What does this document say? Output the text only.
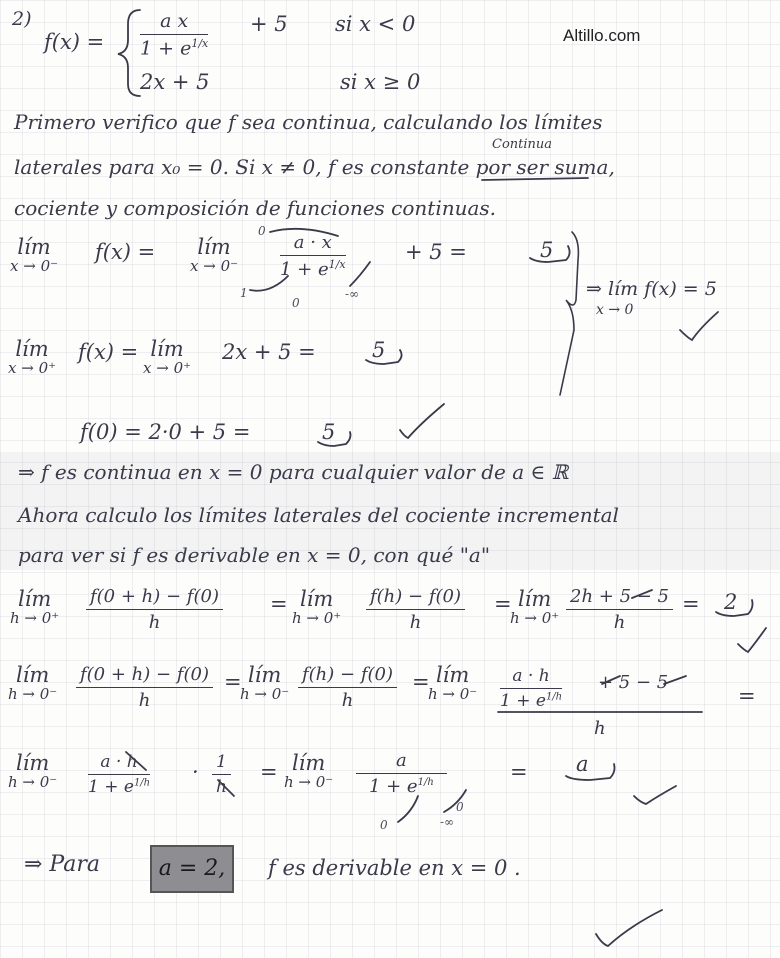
Altillo.com
2)
$f(x) = \frac{\text{a x}}{1 + e^{1/x}} + 5$ si x < 0
2x + 5	si x ≥ 0
Primero verifico que f sea continua, calculando los límites
laterales para x₀ = 0. Si x ≠ 0, f es constante por ser suma,
Continua
cociente y composición de funciones continuas.
lím
x → 0⁻
f(x) =	lím
$x \to 0^- \frac{a \cdot x}{1 + e^{1/x}}$	+ 5 =	5
0
1
0
-∞	⇒ lím f(x) = 5
x → 0
lím
x → 0⁺
f(x) = lím
x → 0⁺
2x + 5 =	5
f(0) = 2·0 + 5 =	5
⇒ f es continua en x = 0 para cualquier valor de a ∈ ℝ
Ahora calculo los límites laterales del cociente incremental
para ver si f es derivable en x = 0, con qué "a"
lím
$h \to 0^+ \frac{f(0 + h) - f(0)}{h}$ = lím
$h \to 0^+ \frac{f(h) - f(0)}{h}$ = lím
$h \to 0^+ \frac{2h + 5 - 5}{h} = 2$
lím
$h \to 0^- \frac{f(0 + h) - f(0)}{h}$ = lím
$h \to 0^- \frac{f(h) - f(0)}{h}$ = lím
$h \to 0^- \frac{a \cdot h}{1 + e^{1/h}} + 5 - 5$
h
=
lím
$h \to 0^- \frac{a \cdot h}{1 + e^{1/h}} \cdot \frac{1}{h}$ = lím
$h \to 0^- \frac{a}{1 + e^{1/h}}$	= a
0
-∞
0
⇒ Para	a = 2,	f es derivable en x = 0 .
